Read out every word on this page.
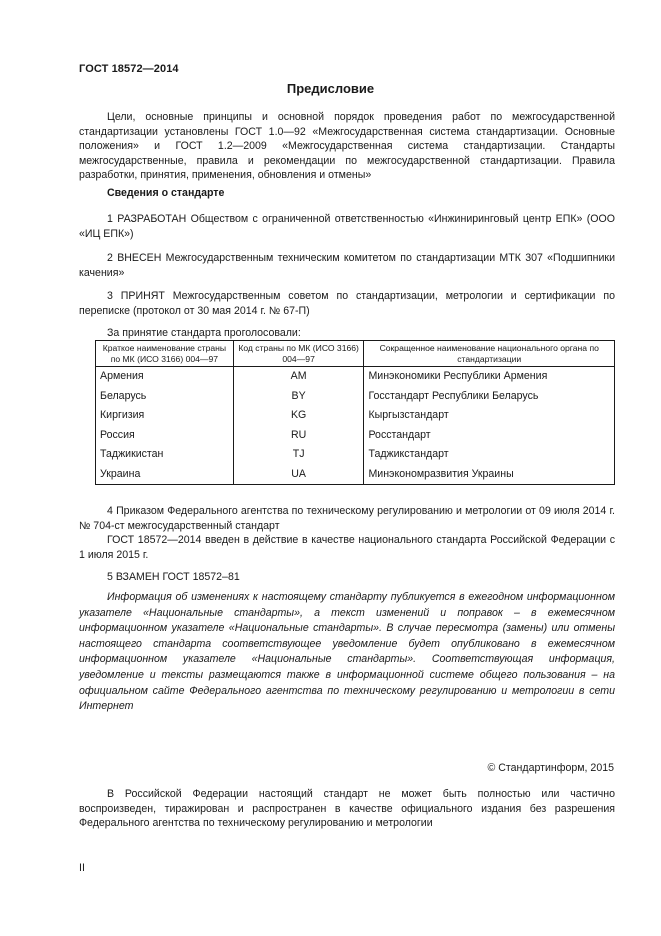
ГОСТ 18572—2014
Предисловие

Цели, основные принципы и основной порядок проведения работ по межгосударственной стандартизации установлены ГОСТ 1.0—92 «Межгосударственная система стандартизации. Основные положения» и ГОСТ 1.2—2009 «Межгосударственная система стандартизации. Стандарты межгосударственные, правила и рекомендации по межгосударственной стандартизации. Правила разработки, принятия, применения, обновления и отмены»

Сведения о стандарте

1 РАЗРАБОТАН Обществом с ограниченной ответственностью «Инжиниринговый центр ЕПК» (ООО «ИЦ ЕПК»)

2 ВНЕСЕН Межгосударственным техническим комитетом по стандартизации МТК 307 «Подшипники качения»

3 ПРИНЯТ Межгосударственным советом по стандартизации, метрологии и сертификации по переписке (протокол от 30 мая 2014 г. № 67-П)

За принятие стандарта проголосовали:
Краткое наименование страны по МК (ИСО 3166) 004—97	Код страны по МК (ИСО 3166) 004—97	Сокращенное наименование национального органа по стандартизации
Армения	AM	Минэкономики Республики Армения
Беларусь	BY	Госстандарт Республики Беларусь
Киргизия	KG	Кыргызстандарт
Россия	RU	Росстандарт
Таджикистан	TJ	Таджикстандарт
Украина	UA	Минэкономразвития Украины

4 Приказом Федерального агентства по техническому регулированию и метрологии от 09 июля 2014 г. № 704-ст межгосударственный стандарт

ГОСТ 18572—2014 введен в действие в качестве национального стандарта Российской Федерации с 1 июля 2015 г.

5 ВЗАМЕН ГОСТ 18572–81

Информация об изменениях к настоящему стандарту публикуется в ежегодном информационном указателе «Национальные стандарты», а текст изменений и поправок – в ежемесячном информационном указателе «Национальные стандарты». В случае пересмотра (замены) или отмены настоящего стандарта соответствующее уведомление будет опубликовано в ежемесячном информационном указателе «Национальные стандарты». Соответствующая информация, уведомление и тексты размещаются также в информационной системе общего пользования – на официальном сайте Федерального агентства по техническому регулированию и метрологии в сети Интернет

© Стандартинформ, 2015

В Российской Федерации настоящий стандарт не может быть полностью или частично воспроизведен, тиражирован и распространен в качестве официального издания без разрешения Федерального агентства по техническому регулированию и метрологии

II
